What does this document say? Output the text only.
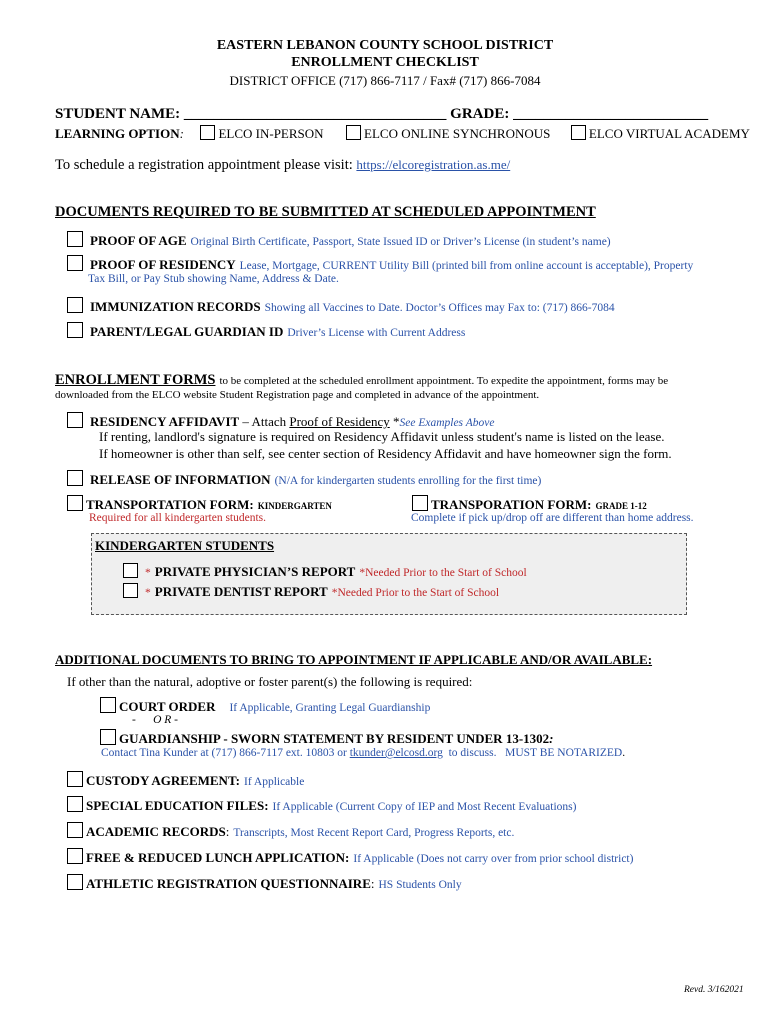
EASTERN LEBANON COUNTY SCHOOL DISTRICT
ENROLLMENT CHECKLIST
DISTRICT OFFICE (717) 866-7117 / Fax# (717) 866-7084
STUDENT NAME: ___________________________________ GRADE: __________________________
LEARNING OPTION:	ELCO IN-PERSON	ELCO ONLINE SYNCHRONOUS	ELCO VIRTUAL ACADEMY
To schedule a registration appointment please visit: https://elcoregistration.as.me/
DOCUMENTS REQUIRED TO BE SUBMITTED AT SCHEDULED APPOINTMENT
PROOF OF AGE Original Birth Certificate, Passport, State Issued ID or Driver’s License (in student’s name)
PROOF OF RESIDENCY Lease, Mortgage, CURRENT Utility Bill (printed bill from online account is acceptable), Property
Tax Bill, or Pay Stub showing Name, Address & Date.
IMMUNIZATION RECORDS Showing all Vaccines to Date. Doctor’s Offices may Fax to: (717) 866-7084
PARENT/LEGAL GUARDIAN ID Driver’s License with Current Address
ENROLLMENT FORMS to be completed at the scheduled enrollment appointment. To expedite the appointment, forms may be
downloaded from the ELCO website Student Registration page and completed in advance of the appointment.
RESIDENCY AFFIDAVIT – Attach Proof of Residency *See Examples Above
If renting, landlord's signature is required on Residency Affidavit unless student's name is listed on the lease.
If homeowner is other than self, see center section of Residency Affidavit and have homeowner sign the form.
RELEASE OF INFORMATION (N/A for kindergarten students enrolling for the first time)
TRANSPORTATION FORM: KINDERGARTEN
Required for all kindergarten students.
TRANSPORATION FORM: GRADE 1-12
Complete if pick up/drop off are different than home address.
KINDERGARTEN STUDENTS
* PRIVATE PHYSICIAN’S REPORT *Needed Prior to the Start of School
* PRIVATE DENTIST REPORT *Needed Prior to the Start of School
ADDITIONAL DOCUMENTS TO BRING TO APPOINTMENT IF APPLICABLE AND/OR AVAILABLE:
If other than the natural, adoptive or foster parent(s) the following is required:
COURT ORDER If Applicable, Granting Legal Guardianship
-      O R -
GUARDIANSHIP - SWORN STATEMENT BY RESIDENT UNDER 13-1302:
Contact Tina Kunder at (717) 866-7117 ext. 10803 or tkunder@elcosd.org  to discuss.   MUST BE NOTARIZED.
CUSTODY AGREEMENT: If Applicable
SPECIAL EDUCATION FILES: If Applicable (Current Copy of IEP and Most Recent Evaluations)
ACADEMIC RECORDS: Transcripts, Most Recent Report Card, Progress Reports, etc.
FREE & REDUCED LUNCH APPLICATION: If Applicable (Does not carry over from prior school district)
ATHLETIC REGISTRATION QUESTIONNAIRE: HS Students Only
Revd. 3/162021
